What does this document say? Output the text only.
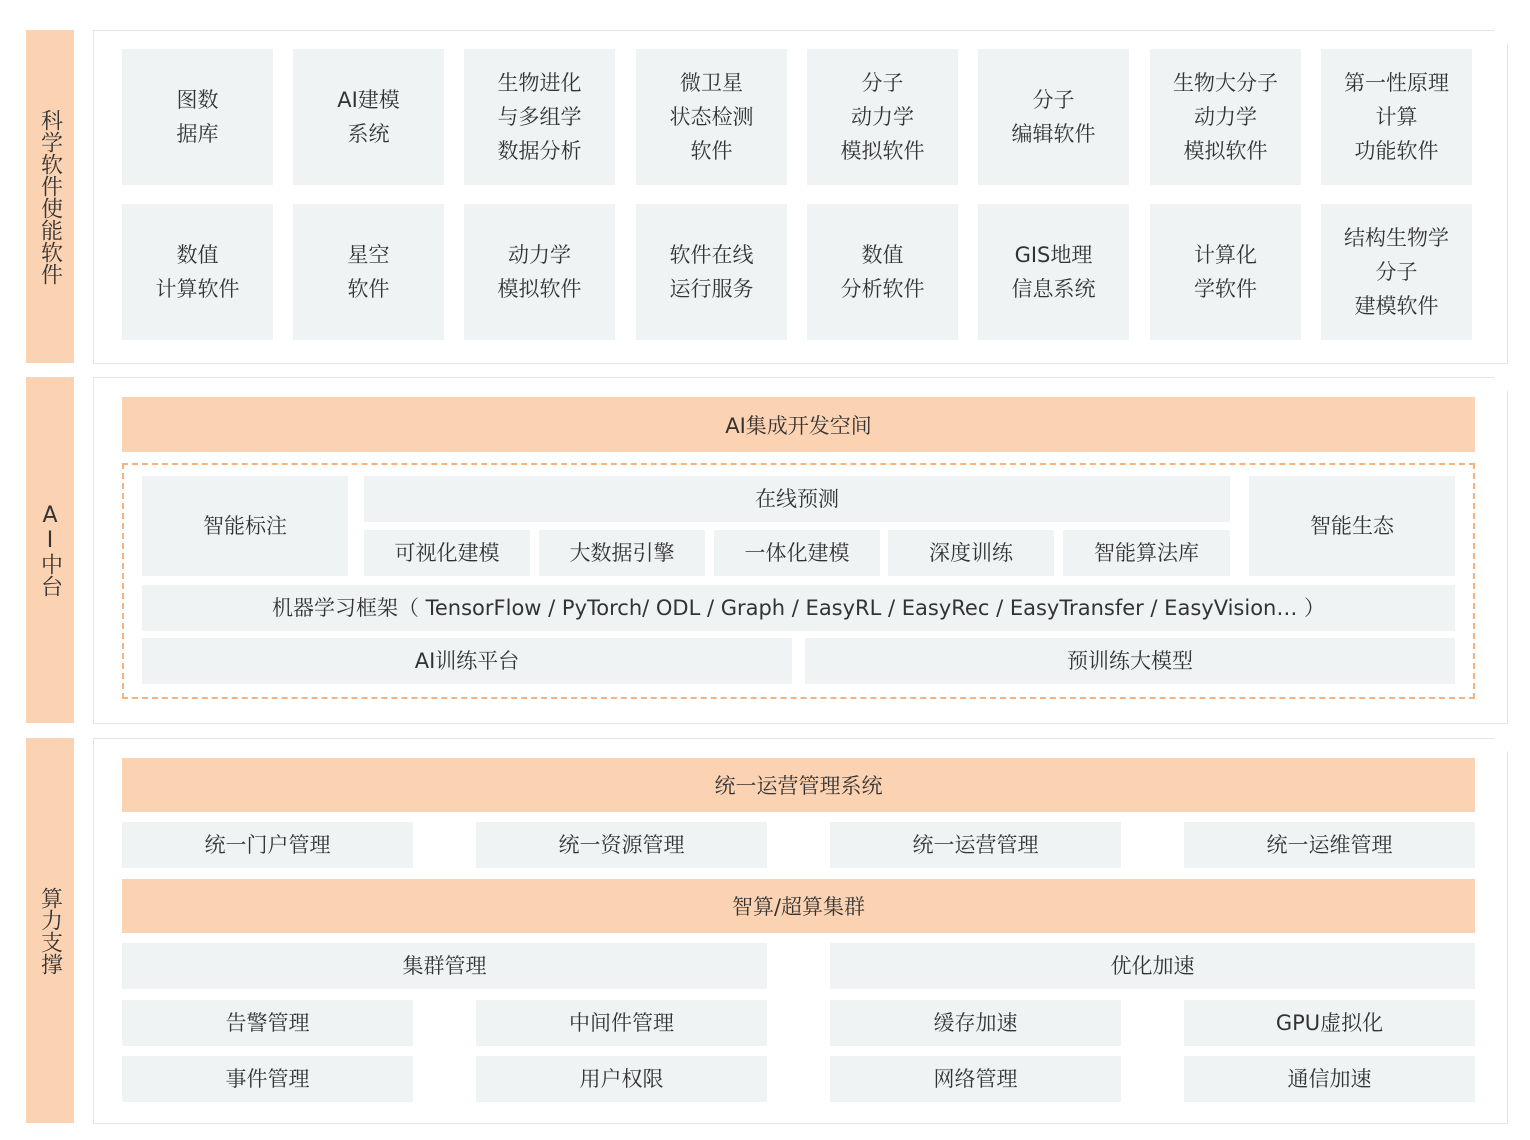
科学软件使能软件
AI中台
算力支撑
图数
据库
AI建模
系统
生物进化
与多组学
数据分析
微卫星
状态检测
软件
分子
动力学
模拟软件
分子
编辑软件
生物大分子
动力学
模拟软件
第一性原理
计算
功能软件
数值
计算软件
星空
软件
动力学
模拟软件
软件在线
运行服务
数值
分析软件
GIS地理
信息系统
计算化
学软件
结构生物学
分子
建模软件
AI集成开发空间
智能标注
在线预测
智能生态
可视化建模	大数据引擎	一体化建模	深度训练	智能算法库
机器学习框架（ TensorFlow / PyTorch/ ODL / Graph / EasyRL / EasyRec / EasyTransfer / EasyVision… ）
AI训练平台	预训练大模型
统一运营管理系统
统一门户管理	统一资源管理	统一运营管理	统一运维管理
智算/超算集群
集群管理	优化加速
告警管理	中间件管理	缓存加速	GPU虚拟化
事件管理	用户权限	网络管理	通信加速
